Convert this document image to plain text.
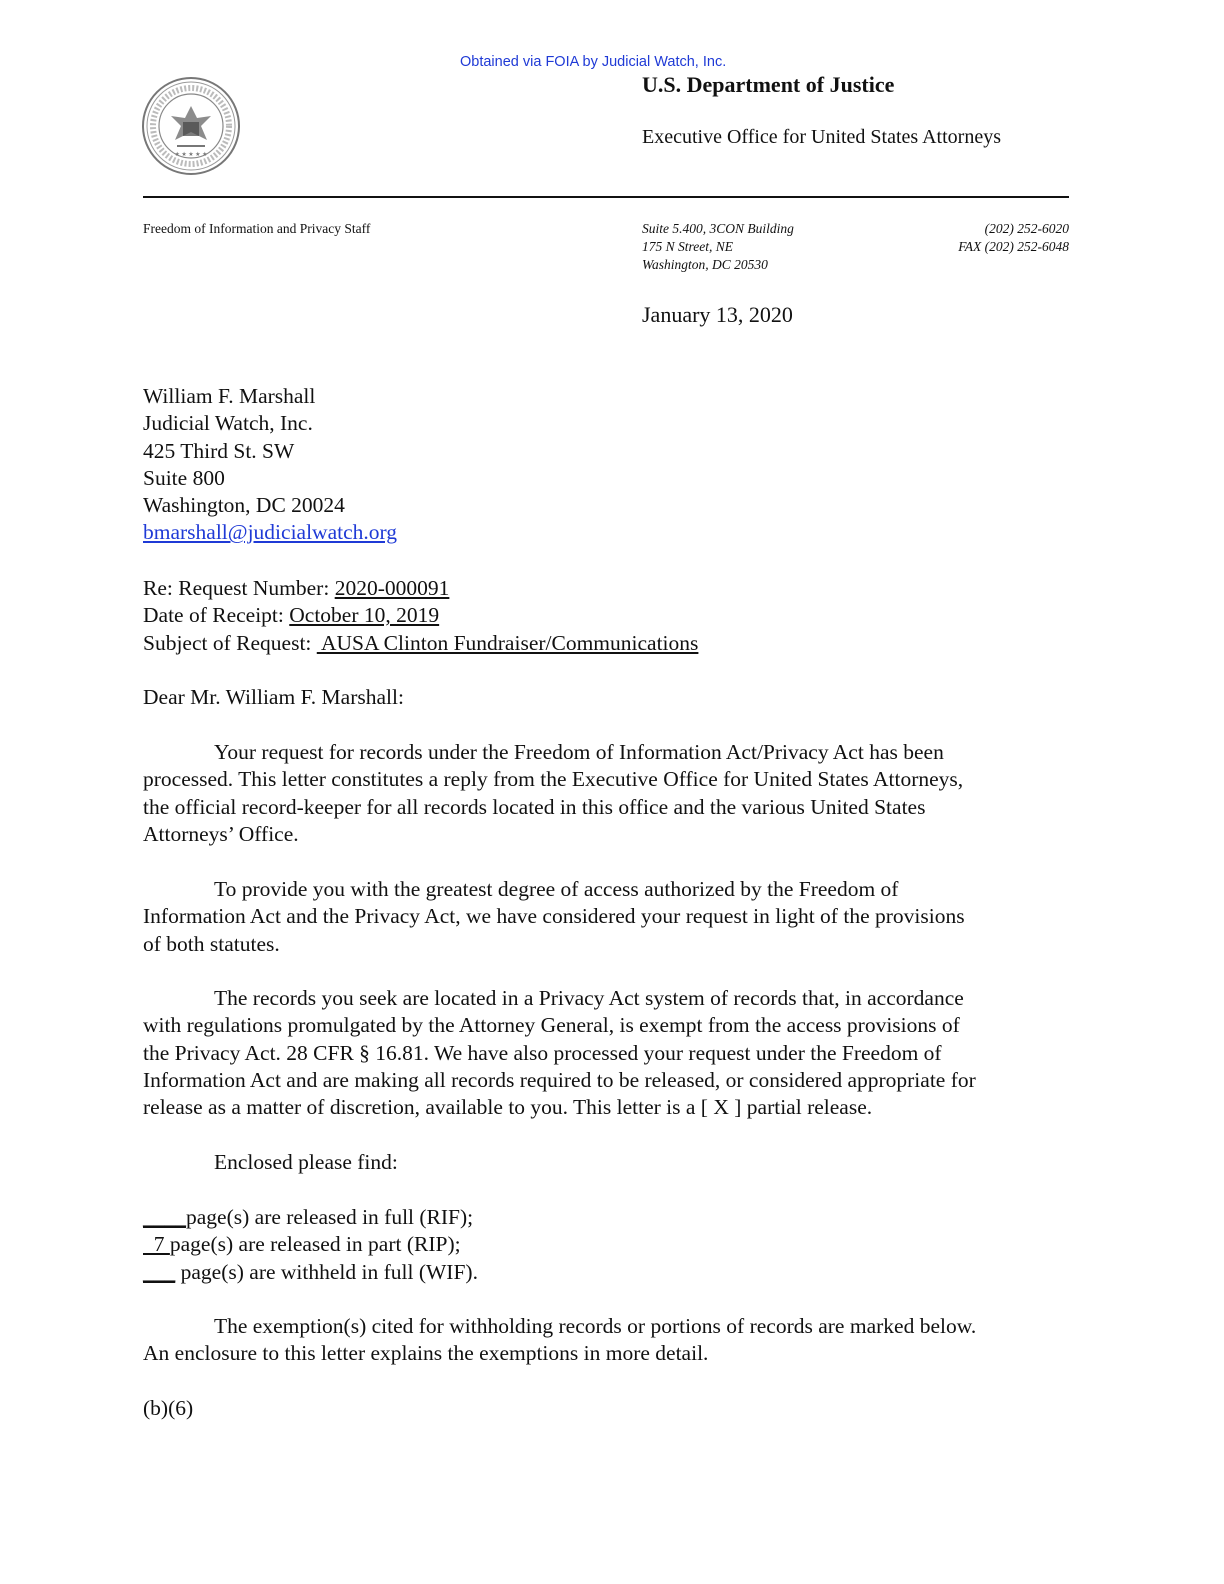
Obtained via FOIA by Judicial Watch, Inc.
★ ★ ★ ★ ★
U.S. Department of Justice
Executive Office for United States Attorneys
Freedom of Information and Privacy Staff	Suite 5.400, 3CON Building
175 N Street, NE
Washington, DC 20530
(202) 252-6020
FAX (202) 252-6048
January 13, 2020
William F. Marshall
Judicial Watch, Inc.
425 Third St. SW
Suite 800
Washington, DC 20024
bmarshall@judicialwatch.org
Re: Request Number: 2020-000091
Date of Receipt: October 10, 2019
Subject of Request:  AUSA Clinton Fundraiser/Communications
Dear Mr. William F. Marshall:
Your request for records under the Freedom of Information Act/Privacy Act has been
processed. This letter constitutes a reply from the Executive Office for United States Attorneys,
the official record-keeper for all records located in this office and the various United States
Attorneys’ Office.
To provide you with the greatest degree of access authorized by the Freedom of
Information Act and the Privacy Act, we have considered your request in light of the provisions
of both statutes.
The records you seek are located in a Privacy Act system of records that, in accordance
with regulations promulgated by the Attorney General, is exempt from the access provisions of
the Privacy Act. 28 CFR § 16.81. We have also processed your request under the Freedom of
Information Act and are making all records required to be released, or considered appropriate for
release as a matter of discretion, available to you. This letter is a [ X ] partial release.
Enclosed please find:
____page(s) are released in full (RIF);
7 page(s) are released in part (RIP);
___ page(s) are withheld in full (WIF).
The exemption(s) cited for withholding records or portions of records are marked below.
An enclosure to this letter explains the exemptions in more detail.
(b)(6)
